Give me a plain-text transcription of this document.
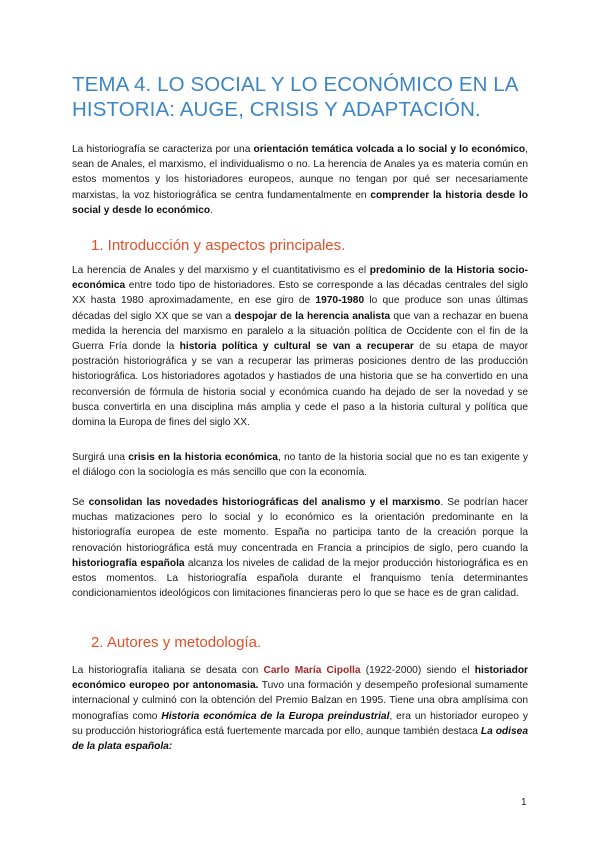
TEMA 4. LO SOCIAL Y LO ECONÓMICO EN LA HISTORIA: AUGE, CRISIS Y ADAPTACIÓN.
La historiografía se caracteriza por una orientación temática volcada a lo social y lo económico, sean de Anales, el marxismo, el individualismo o no. La herencia de Anales ya es materia común en estos momentos y los historiadores europeos, aunque no tengan por qué ser necesariamente marxistas, la voz historiográfica se centra fundamentalmente en comprender la historia desde lo social y desde lo económico.
1. Introducción y aspectos principales.
La herencia de Anales y del marxismo y el cuantitativismo es el predominio de la Historia socio-económica entre todo tipo de historiadores. Esto se corresponde a las décadas centrales del siglo XX hasta 1980 aproximadamente, en ese giro de 1970-1980 lo que produce son unas últimas décadas del siglo XX que se van a despojar de la herencia analista que van a rechazar en buena medida la herencia del marxismo en paralelo a la situación política de Occidente con el fin de la Guerra Fría donde la historia política y cultural se van a recuperar de su etapa de mayor postración historiográfica y se van a recuperar las primeras posiciones dentro de las producción historiográfica. Los historiadores agotados y hastiados de una historia que se ha convertido en una reconversión de fórmula de historia social y económica cuando ha dejado de ser la novedad y se busca convertirla en una disciplina más amplia y cede el paso a la historia cultural y política que domina la Europa de fines del siglo XX.
Surgirá una crisis en la historia económica, no tanto de la historia social que no es tan exigente y el diálogo con la sociología es más sencillo que con la economía.
Se consolidan las novedades historiográficas del analismo y el marxismo. Se podrían hacer muchas matizaciones pero lo social y lo económico es la orientación predominante en la historiografía europea de este momento. España no participa tanto de la creación porque la renovación historiográfica está muy concentrada en Francia a principios de siglo, pero cuando la historiografía española alcanza los niveles de calidad de la mejor producción historiográfica es en estos momentos. La historiografía española durante el franquismo tenía determinantes condicionamientos ideológicos con limitaciones financieras pero lo que se hace es de gran calidad.
2. Autores y metodología.
La historiografía italiana se desata con Carlo María Cipolla (1922-2000) siendo el historiador económico europeo por antonomasia. Tuvo una formación y desempeño profesional sumamente internacional y culminó con la obtención del Premio Balzan en 1995. Tiene una obra amplísima con monografías como Historia económica de la Europa preindustrial, era un historiador europeo y su producción historiográfica está fuertemente marcada por ello, aunque también destaca La odisea de la plata española:
1
